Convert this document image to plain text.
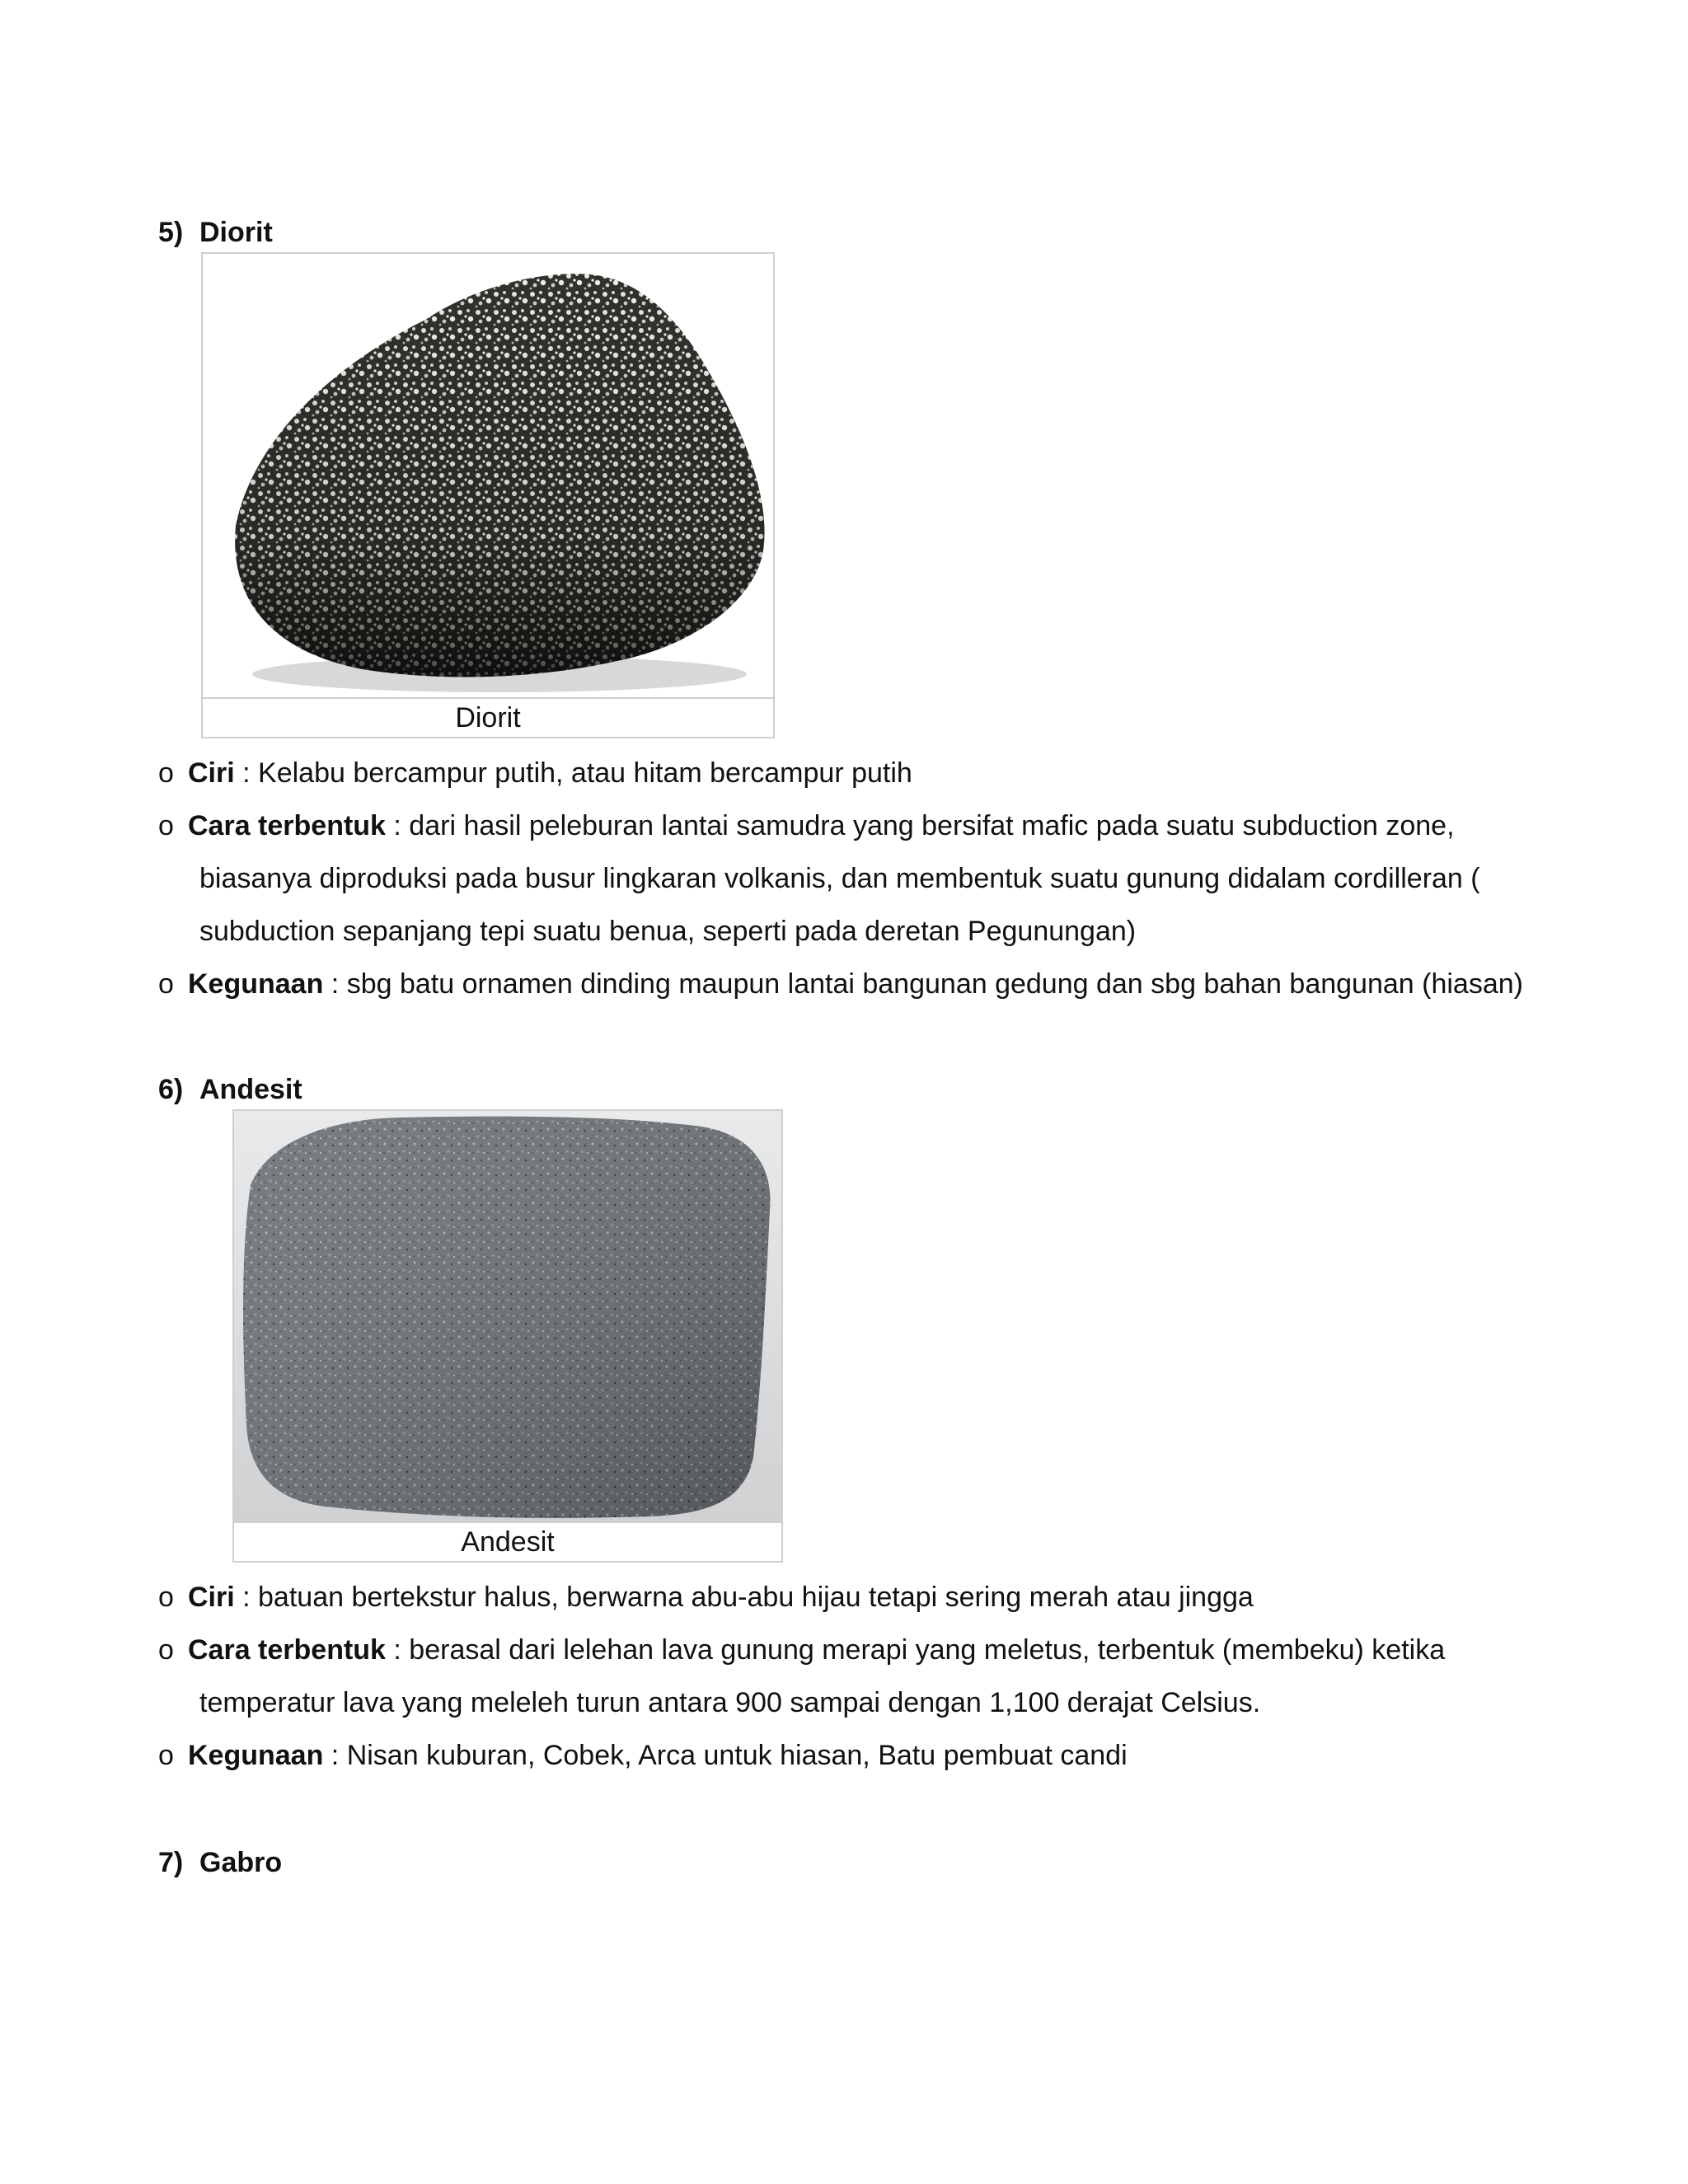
5) Diorit
Diorit
o Ciri : Kelabu bercampur putih, atau hitam bercampur putih
o Cara terbentuk : dari hasil peleburan lantai samudra yang bersifat mafic pada suatu subduction zone,
biasanya diproduksi pada busur lingkaran volkanis, dan membentuk suatu gunung didalam cordilleran (
subduction sepanjang tepi suatu benua, seperti pada deretan Pegunungan)
o Kegunaan : sbg batu ornamen dinding maupun lantai bangunan gedung dan sbg bahan bangunan (hiasan)
6) Andesit
Andesit
o Ciri : batuan bertekstur halus, berwarna abu-abu hijau tetapi sering merah atau jingga
o Cara terbentuk : berasal dari lelehan lava gunung merapi yang meletus, terbentuk (membeku) ketika
temperatur lava yang meleleh turun antara 900 sampai dengan 1,100 derajat Celsius.
o Kegunaan : Nisan kuburan, Cobek, Arca untuk hiasan, Batu pembuat candi
7) Gabro
